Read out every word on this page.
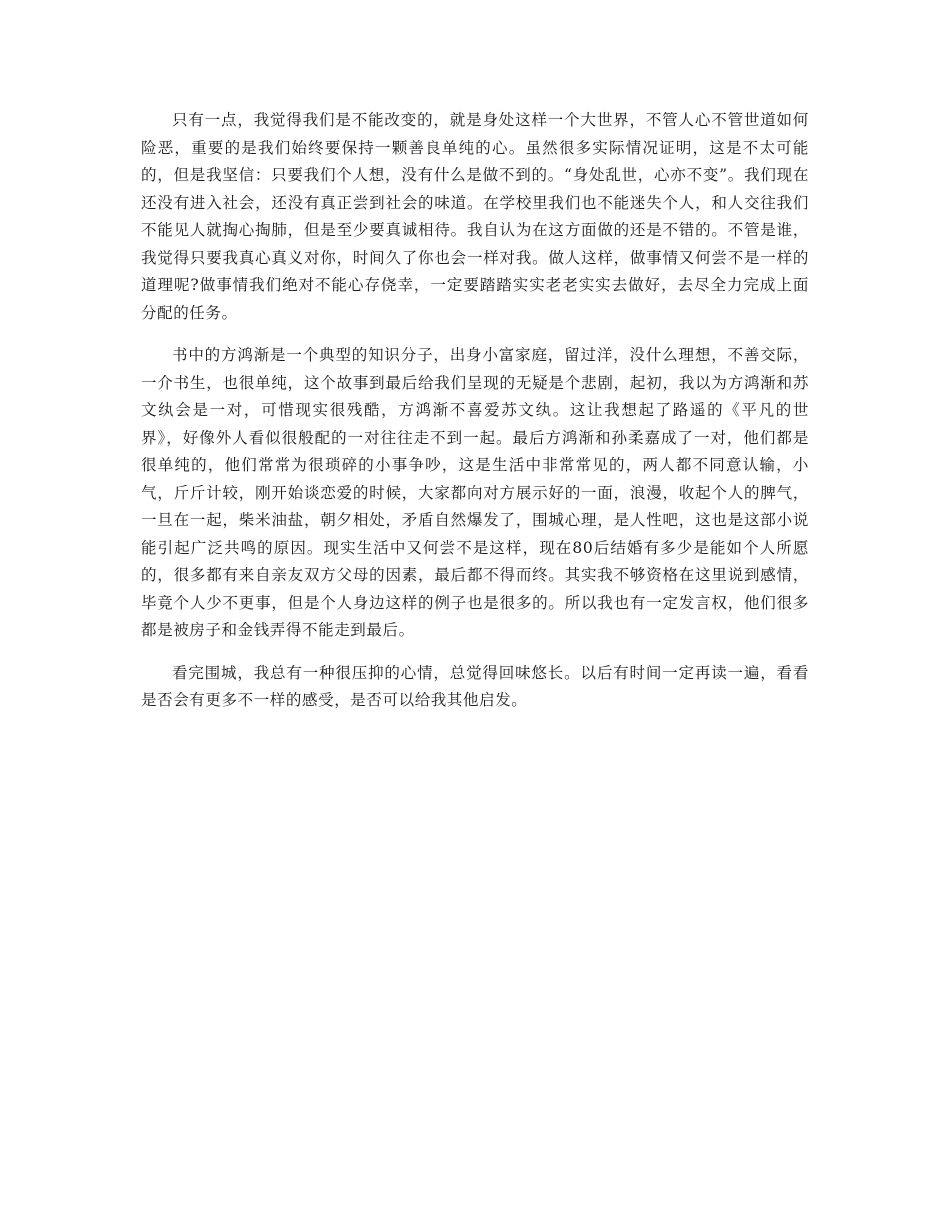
只有一点，我觉得我们是不能改变的，就是身处这样一个大世界，不管人心不管世道如何险恶，重要的是我们始终要保持一颗善良单纯的心。虽然很多实际情况证明，这是不太可能的，但是我坚信：只要我们个人想，没有什么是做不到的。“身处乱世，心亦不变”。我们现在还没有进入社会，还没有真正尝到社会的味道。在学校里我们也不能迷失个人，和人交往我们不能见人就掏心掏肺，但是至少要真诚相待。我自认为在这方面做的还是不错的。不管是谁，我觉得只要我真心真义对你，时间久了你也会一样对我。做人这样，做事情又何尝不是一样的道理呢?做事情我们绝对不能心存侥幸，一定要踏踏实实老老实实去做好，去尽全力完成上面分配的任务。

书中的方鸿渐是一个典型的知识分子，出身小富家庭，留过洋，没什么理想，不善交际，一介书生，也很单纯，这个故事到最后给我们呈现的无疑是个悲剧，起初，我以为方鸿渐和苏文纨会是一对，可惜现实很残酷，方鸿渐不喜爱苏文纨。这让我想起了路遥的《平凡的世界》，好像外人看似很般配的一对往往走不到一起。最后方鸿渐和孙柔嘉成了一对，他们都是很单纯的，他们常常为很琐碎的小事争吵，这是生活中非常常见的，两人都不同意认输，小气，斤斤计较，刚开始谈恋爱的时候，大家都向对方展示好的一面，浪漫，收起个人的脾气，一旦在一起，柴米油盐，朝夕相处，矛盾自然爆发了，围城心理，是人性吧，这也是这部小说能引起广泛共鸣的原因。现实生活中又何尝不是这样，现在80后结婚有多少是能如个人所愿的，很多都有来自亲友双方父母的因素，最后都不得而终。其实我不够资格在这里说到感情，毕竟个人少不更事，但是个人身边这样的例子也是很多的。所以我也有一定发言权，他们很多都是被房子和金钱弄得不能走到最后。

看完围城，我总有一种很压抑的心情，总觉得回味悠长。以后有时间一定再读一遍，看看是否会有更多不一样的感受，是否可以给我其他启发。
